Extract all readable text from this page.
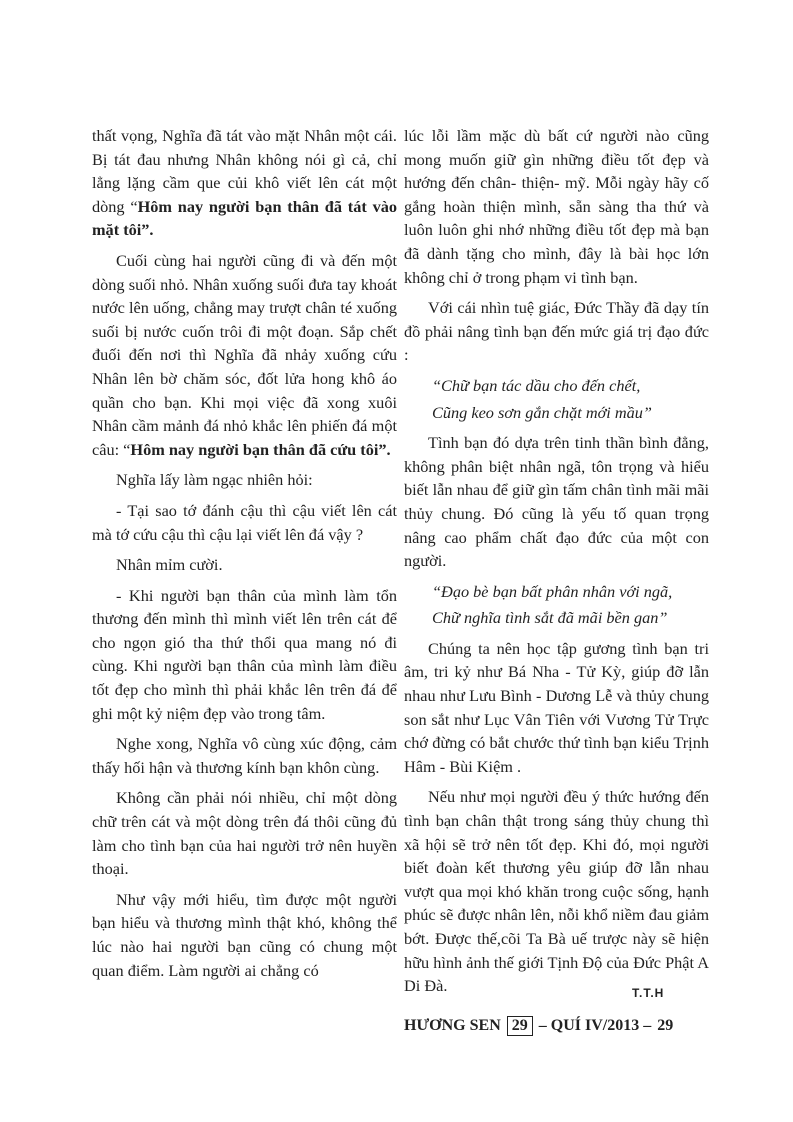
thất vọng, Nghĩa đã tát vào mặt Nhân một cái. Bị tát đau nhưng Nhân không nói gì cả, chỉ lẳng lặng cầm que củi khô viết lên cát một dòng “Hôm nay người bạn thân đã tát vào mặt tôi”.

Cuối cùng hai người cũng đi và đến một dòng suối nhỏ. Nhân xuống suối đưa tay khoát nước lên uống, chẳng may trượt chân té xuống suối bị nước cuốn trôi đi một đoạn. Sắp chết đuối đến nơi thì Nghĩa đã nhảy xuống cứu Nhân lên bờ chăm sóc, đốt lửa hong khô áo quần cho bạn. Khi mọi việc đã xong xuôi Nhân cầm mảnh đá nhỏ khắc lên phiến đá một câu: “Hôm nay người bạn thân đã cứu tôi”.

Nghĩa lấy làm ngạc nhiên hỏi:

- Tại sao tớ đánh cậu thì cậu viết lên cát mà tớ cứu cậu thì cậu lại viết lên đá vậy ?

Nhân mỉm cười.

- Khi người bạn thân của mình làm tổn thương đến mình thì mình viết lên trên cát để cho ngọn gió tha thứ thổi qua mang nó đi cùng. Khi người bạn thân của mình làm điều tốt đẹp cho mình thì phải khắc lên trên đá để ghi một kỷ niệm đẹp vào trong tâm.

Nghe xong, Nghĩa vô cùng xúc động, cảm thấy hối hận và thương kính bạn khôn cùng.

Không cần phải nói nhiều, chỉ một dòng chữ trên cát và một dòng trên đá thôi cũng đủ làm cho tình bạn của hai người trở nên huyền thoại.

Như vậy mới hiểu, tìm được một người bạn hiểu và thương mình thật khó, không thể lúc nào hai người bạn cũng có chung một quan điểm. Làm người ai chẳng có

lúc lỗi lầm mặc dù bất cứ người nào cũng mong muốn giữ gìn những điều tốt đẹp và hướng đến chân- thiện- mỹ. Mỗi ngày hãy cố gắng hoàn thiện mình, sẵn sàng tha thứ và luôn luôn ghi nhớ những điều tốt đẹp mà bạn đã dành tặng cho mình, đây là bài học lớn không chỉ ở trong phạm vi tình bạn.

Với cái nhìn tuệ giác, Đức Thầy đã dạy tín đồ phải nâng tình bạn đến mức giá trị đạo đức :

“Chữ bạn tác dầu cho đến chết,

Cũng keo sơn gắn chặt mới mầu”

Tình bạn đó dựa trên tinh thần bình đẳng, không phân biệt nhân ngã, tôn trọng và hiểu biết lẫn nhau để giữ gìn tấm chân tình mãi mãi thủy chung. Đó cũng là yếu tố quan trọng nâng cao phẩm chất đạo đức của một con người.

“Đạo bè bạn bất phân nhân với ngã,

Chữ nghĩa tình sắt đã mãi bền gan”

Chúng ta nên học tập gương tình bạn tri âm, tri kỷ như Bá Nha - Tử Kỳ, giúp đỡ lẫn nhau như Lưu Bình - Dương Lễ và thủy chung son sắt như Lục Vân Tiên với Vương Tử Trực chớ đừng có bắt chước thứ tình bạn kiểu Trịnh Hâm - Bùi Kiệm .

Nếu như mọi người đều ý thức hướng đến tình bạn chân thật trong sáng thủy chung thì xã hội sẽ trở nên tốt đẹp. Khi đó, mọi người biết đoàn kết thương yêu giúp đỡ lẫn nhau vượt qua mọi khó khăn trong cuộc sống, hạnh phúc sẽ được nhân lên, nỗi khổ niềm đau giảm bớt. Được thế,cõi Ta Bà uế trược này sẽ hiện hữu hình ảnh thế giới Tịnh Độ của Đức Phật A Di Đà.	T.T.H
HƯƠNG SEN 29 – QUÍ IV/2013 – 29
